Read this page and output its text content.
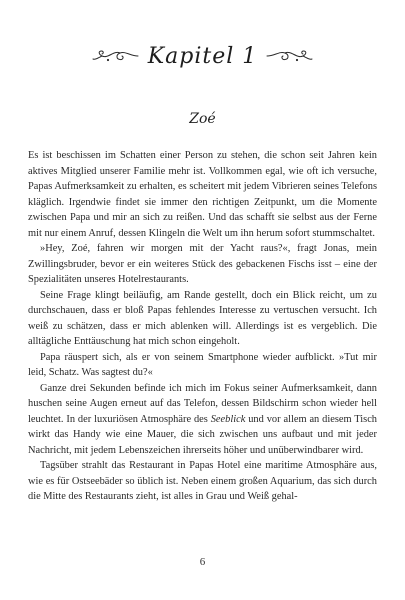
Kapitel 1
Zoé

Es ist beschissen im Schatten einer Person zu stehen, die schon seit Jahren kein aktives Mitglied unserer Familie mehr ist. Vollkommen egal, wie oft ich versuche, Papas Aufmerksamkeit zu erhalten, es scheitert mit jedem Vibrieren seines Telefons kläglich. Irgendwie findet sie immer den richtigen Zeitpunkt, um die Momente zwischen Papa und mir an sich zu reißen. Und das schafft sie selbst aus der Ferne mit nur einem Anruf, dessen Klingeln die Welt um ihn herum sofort stummschaltet.

»Hey, Zoé, fahren wir morgen mit der Yacht raus?«, fragt Jonas, mein Zwillingsbruder, bevor er ein weiteres Stück des gebackenen Fischs isst – eine der Spezialitäten unseres Hotelrestaurants.

Seine Frage klingt beiläufig, am Rande gestellt, doch ein Blick reicht, um zu durchschauen, dass er bloß Papas fehlendes Interesse zu vertuschen versucht. Ich weiß zu schätzen, dass er mich ablenken will. Allerdings ist es vergeblich. Die alltägliche Enttäuschung hat mich schon eingeholt.

Papa räuspert sich, als er von seinem Smartphone wieder aufblickt. »Tut mir leid, Schatz. Was sagtest du?«

Ganze drei Sekunden befinde ich mich im Fokus seiner Aufmerksamkeit, dann huschen seine Augen erneut auf das Telefon, dessen Bildschirm schon wieder hell leuchtet. In der luxuriösen Atmosphäre des Seeblick und vor allem an diesem Tisch wirkt das Handy wie eine Mauer, die sich zwischen uns aufbaut und mit jeder Nachricht, mit jedem Lebenszeichen ihrerseits höher und unüberwindbarer wird.

Tagsüber strahlt das Restaurant in Papas Hotel eine maritime Atmosphäre aus, wie es für Ostseebäder so üblich ist. Neben einem großen Aquarium, das sich durch die Mitte des Restaurants zieht, ist alles in Grau und Weiß gehal-

6
